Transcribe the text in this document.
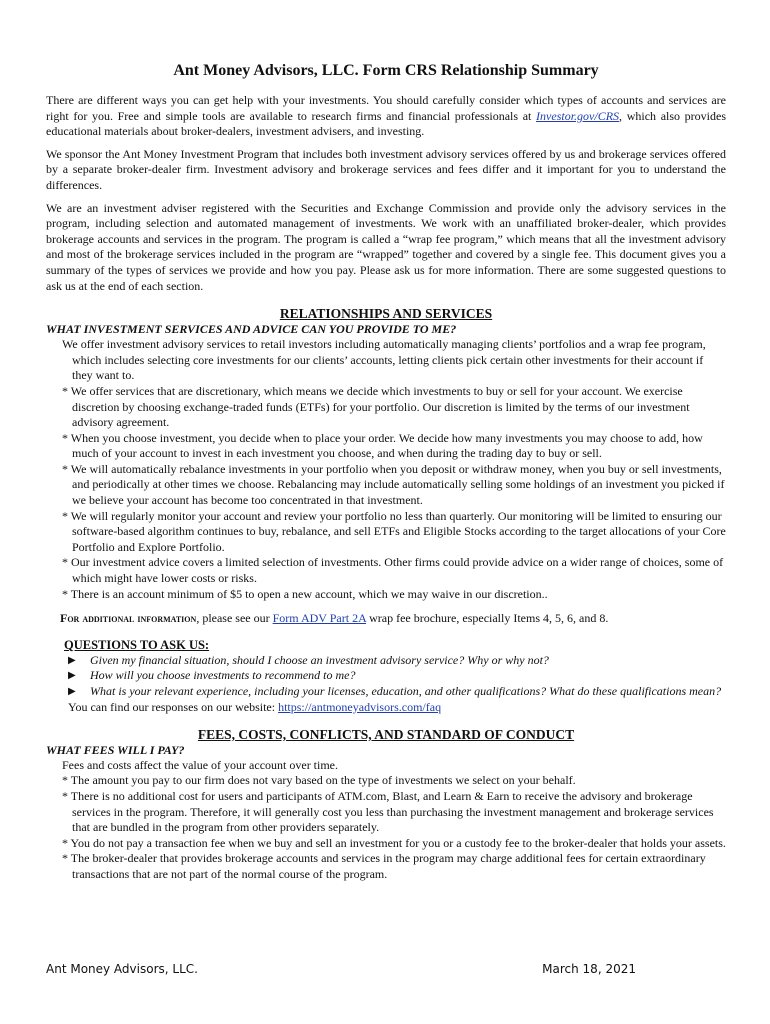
Ant Money Advisors, LLC. Form CRS Relationship Summary

There are different ways you can get help with your investments. You should carefully consider which types of accounts and services are right for you. Free and simple tools are available to research firms and financial professionals at Investor.gov/CRS, which also provides educational materials about broker-dealers, investment advisers, and investing.

We sponsor the Ant Money Investment Program that includes both investment advisory services offered by us and brokerage services offered by a separate broker-dealer firm. Investment advisory and brokerage services and fees differ and it important for you to understand the differences.

We are an investment adviser registered with the Securities and Exchange Commission and provide only the advisory services in the program, including selection and automated management of investments. We work with an unaffiliated broker-dealer, which provides brokerage accounts and services in the program. The program is called a “wrap fee program,” which means that all the investment advisory and most of the brokerage services included in the program are “wrapped” together and covered by a single fee. This document gives you a summary of the types of services we provide and how you pay. Please ask us for more information. There are some suggested questions to ask us at the end of each section.

RELATIONSHIPS AND SERVICES
WHAT INVESTMENT SERVICES AND ADVICE CAN YOU PROVIDE TO ME?
We offer investment advisory services to retail investors including automatically managing clients’ portfolios and a wrap fee program, which includes selecting core investments for our clients’ accounts, letting clients pick certain other investments for their account if they want to.
* We offer services that are discretionary, which means we decide which investments to buy or sell for your account. We exercise discretion by choosing exchange-traded funds (ETFs) for your portfolio. Our discretion is limited by the terms of our investment advisory agreement.
* When you choose investment, you decide when to place your order. We decide how many investments you may choose to add, how much of your account to invest in each investment you choose, and when during the trading day to buy or sell.
* We will automatically rebalance investments in your portfolio when you deposit or withdraw money, when you buy or sell investments, and periodically at other times we choose. Rebalancing may include automatically selling some holdings of an investment you picked if we believe your account has become too concentrated in that investment.
* We will regularly monitor your account and review your portfolio no less than quarterly. Our monitoring will be limited to ensuring our software-based algorithm continues to buy, rebalance, and sell ETFs and Eligible Stocks according to the target allocations of your Core Portfolio and Explore Portfolio.
* Our investment advice covers a limited selection of investments. Other firms could provide advice on a wider range of choices, some of which might have lower costs or risks.
* There is an account minimum of $5 to open a new account, which we may waive in our discretion..
For additional information, please see our Form ADV Part 2A wrap fee brochure, especially Items 4, 5, 6, and 8.
QUESTIONS TO ASK US:
▶ Given my financial situation, should I choose an investment advisory service? Why or why not?
▶ How will you choose investments to recommend to me?
▶ What is your relevant experience, including your licenses, education, and other qualifications? What do these qualifications mean?
You can find our responses on our website: https://antmoneyadvisors.com/faq
FEES, COSTS, CONFLICTS, AND STANDARD OF CONDUCT
WHAT FEES WILL I PAY?
Fees and costs affect the value of your account over time.
* The amount you pay to our firm does not vary based on the type of investments we select on your behalf.
* There is no additional cost for users and participants of ATM.com, Blast, and Learn & Earn to receive the advisory and brokerage services in the program. Therefore, it will generally cost you less than purchasing the investment management and brokerage services that are bundled in the program from other providers separately.
* You do not pay a transaction fee when we buy and sell an investment for you or a custody fee to the broker-dealer that holds your assets.
* The broker-dealer that provides brokerage accounts and services in the program may charge additional fees for certain extraordinary transactions that are not part of the normal course of the program.
Ant Money Advisors, LLC.	March 18, 2021
